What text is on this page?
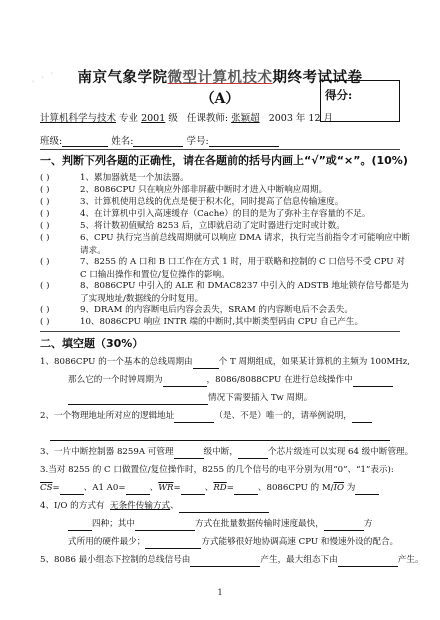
· · ·	南京气象学院微型计算机技术期终考试试卷
（A）	得分:
计算机科学与技术 专业 2001 级 任课教师: 张颖超 2003 年 12 月
班级:	姓名:	学号:
一、判断下列各题的正确性，请在各题前的括号内画上“√”或“×”。(10%)
( )	1、累加器就是一个加法器。
( )	2、8086CPU 只在响应外部非屏蔽中断时才进入中断响应周期。
( )	3、计算机使用总线的优点是便于积木化，同时提高了信息传输速度。
( )	4、在计算机中引入高速缓存（Cache）的目的是为了弥补主存容量的不足。
( )	5、将计数初值赋给 8253 后，立即就启动了定时器进行定时或计数。
( )	6、CPU 执行完当前总线周期就可以响应 DMA 请求，执行完当前指令才可能响应中断请求。
( )	7、8255 的 A 口和 B 口工作在方式 1 时，用于联略和控制的 C 口信号不受 CPU 对 C 口输出操作和置位/复位操作的影响。
( )	8、8086CPU 中引入的 ALE 和 DMAC8237 中引入的 ADSTB 地址锁存信号都是为了实现地址/数据线的分时复用。
( )	9、DRAM 的内容断电后内容会丢失，SRAM 的内容断电后不会丢失。
( )	10、8086CPU 响应 INTR 端的中断时,其中断类型码由 CPU 自己产生。
二、填空题（30%）
1、8086CPU 的一个基本的总线周期由	个 T 周期组成，如果某计算机的主频为 100MHz,
那么它的一个时钟周期为	，8086/8088CPU 在进行总线操作中
情况下需要插入 Tw 周期。
2、一个物理地址所对应的逻辑地址	（是、不是）唯一的，请举例说明，
3、一片中断控制器 8259A 可管理	级中断，	个芯片级连可以实现 64 级中断管理。
3.当对 8255 的 C 口做置位/复位操作时，8255 的几个信号的电平分别为(用“0”、“1”表示):
$\overline{CS}=$	、A1 A0=	、$\overline{WR}=$	、$\overline{RD}=$	、8086CPU 的 $M/\overline{IO}$ 为
4、I/O 的方式有 无条件传输方式、
四种；其中	方式在批量数据传输时速度最快，	方
式所用的硬件最少；	方式能够很好地协调高速 CPU 和慢速外设的配合。
5、8086 最小组态下控制的总线信号由	产生，最大组态下由	产生。
1
